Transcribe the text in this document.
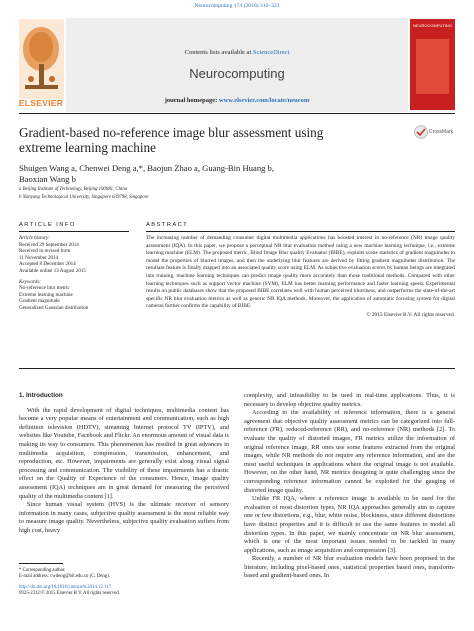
Neurocomputing 174 (2016) 310–323
ELSEVIER
Contents lists available at ScienceDirect
Neurocomputing
journal homepage: www.elsevier.com/locate/neucom
NEUROCOMPUTING
Gradient-based no-reference image blur assessment using extreme learning machine
CrossMark
Shuigen Wang a, Chenwei Deng a,*, Baojun Zhao a, Guang-Bin Huang b,
Baoxian Wang b
a Beijing Institute of Technology, Beijing 100081, China
b Nanyang Technological University, Singapore 639798, Singapore
ARTICLE INFO	ABSTRACT
Article history:
Received 29 September 2014
Received in revised form
11 November 2014
Accepted 8 December 2014
Available online 13 August 2015
Keywords:
No-reference blur metric
Extreme learning machine
Gradient magnitude
Generalized Gaussian distribution
The increasing number of demanding consumer digital multimedia applications has boosted interest in no-reference (NR) image quality assessment (IQA). In this paper, we propose a perceptual NR blur evaluation method using a new machine learning technique, i.e., extreme learning machine (ELM). The proposed metric, Blind Image Blur quality Evaluator (BIBE), exploits scene statistics of gradient magnitudes to model the properties of blurred images, and then the underlying blur features are derived by fitting gradient magnitudes distribution. The resultant feature is finally mapped into an associated quality score using ELM. As subjective evaluation scores by human beings are integrated into training, machine learning techniques can predict image quality more accurately than those traditional methods. Compared with other learning techniques such as support vector machine (SVM), ELM has better learning performance and faster learning speed. Experimental results on public databases show that the proposed BIBE correlates well with human perceived blurriness, and outperforms the state-of-the-art specific NR blur evaluation metrics as well as generic NR IQA methods. Moreover, the application of automatic focusing system for digital cameras further confirms the capability of BIBE.
© 2015 Elsevier B.V. All rights reserved.
1. Introduction

With the rapid development of digital techniques, multimedia content has become a very popular means of entertainment and communication, such as high definition television (HDTV), streaming Internet protocol TV (IPTV), and websites like Youtube, Facebook and Flickr. An enormous amount of visual data is making its way to consumers. This phenomenon has resulted in great advances in multimedia acquisition, compression, transmission, enhancement, and reproduction, etc. However, impairments are generally exist along visual signal processing and communication. The visibility of these impairments has a drastic effect on the Quality of Experience of the consumers. Hence, image quality assessment (IQA) techniques are in great demand for measuring the perceived quality of the multimedia content [1].

Since human visual system (HVS) is the ultimate receiver of sensory information in many cases, subjective quality assessment is the most reliable way to measure image quality. Nevertheless, subjective quality evaluation suffers from high cost, heavy

complexity, and infeasibility to be used in real-time applications. Thus, it is necessary to develop objective quality metrics.

According to the availability of reference information, there is a general agreement that objective quality assessment metrics can be categorized into full-reference (FR), reduced-reference (RR), and no-reference (NR) methods [2]. To evaluate the quality of distorted images, FR metrics utilize the information of original reference image, RR ones use some features extracted from the original images, while NR methods do not require any reference information, and are the most useful techniques in applications where the original image is not available. However, on the other hand, NR metrics designing is quite challenging since the corresponding reference information cannot be exploited for the gauging of distorted image quality.

Unlike FR IQA, where a reference image is available to be used for the evaluation of most distortion types, NR IQA approaches generally aim to capture one or few distortions, e.g., blur, white noise, blockiness, since different distortions have distinct properties and it is difficult to use the same features to model all distortion types. In this paper, we mainly concentrate on NR blur assessment, which is one of the most important issues needed to be tackled in many applications, such as image acquisition and compression [3].

Recently, a number of NR blur evaluation models have been proposed in the literature, including pixel-based ones, statistical properties based ones, transform-based and gradient-based ones. In

* Corresponding author.
E-mail address: cwdeng@bit.edu.cn (C. Deng).
http://dx.doi.org/10.1016/j.neucom.2014.12.117
0925-2312/© 2015 Elsevier B.V. All rights reserved.
